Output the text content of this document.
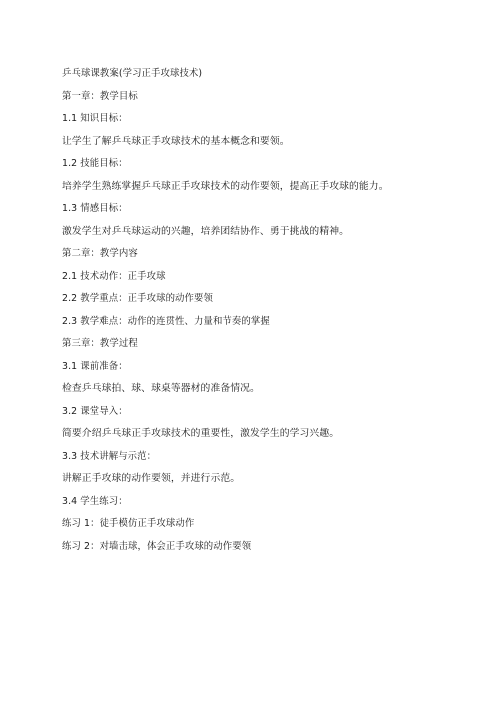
乒乓球课教案(学习正手攻球技术)
第一章：教学目标
1.1 知识目标：
让学生了解乒乓球正手攻球技术的基本概念和要领。
1.2 技能目标：
培养学生熟练掌握乒乓球正手攻球技术的动作要领，提高正手攻球的能力。
1.3 情感目标：
激发学生对乒乓球运动的兴趣，培养团结协作、勇于挑战的精神。
第二章：教学内容
2.1 技术动作：正手攻球
2.2 教学重点：正手攻球的动作要领
2.3 教学难点：动作的连贯性、力量和节奏的掌握
第三章：教学过程
3.1 课前准备：
检查乒乓球拍、球、球桌等器材的准备情况。
3.2 课堂导入：
简要介绍乒乓球正手攻球技术的重要性，激发学生的学习兴趣。
3.3 技术讲解与示范：
讲解正手攻球的动作要领，并进行示范。
3.4 学生练习：
练习 1：徒手模仿正手攻球动作
练习 2：对墙击球，体会正手攻球的动作要领
